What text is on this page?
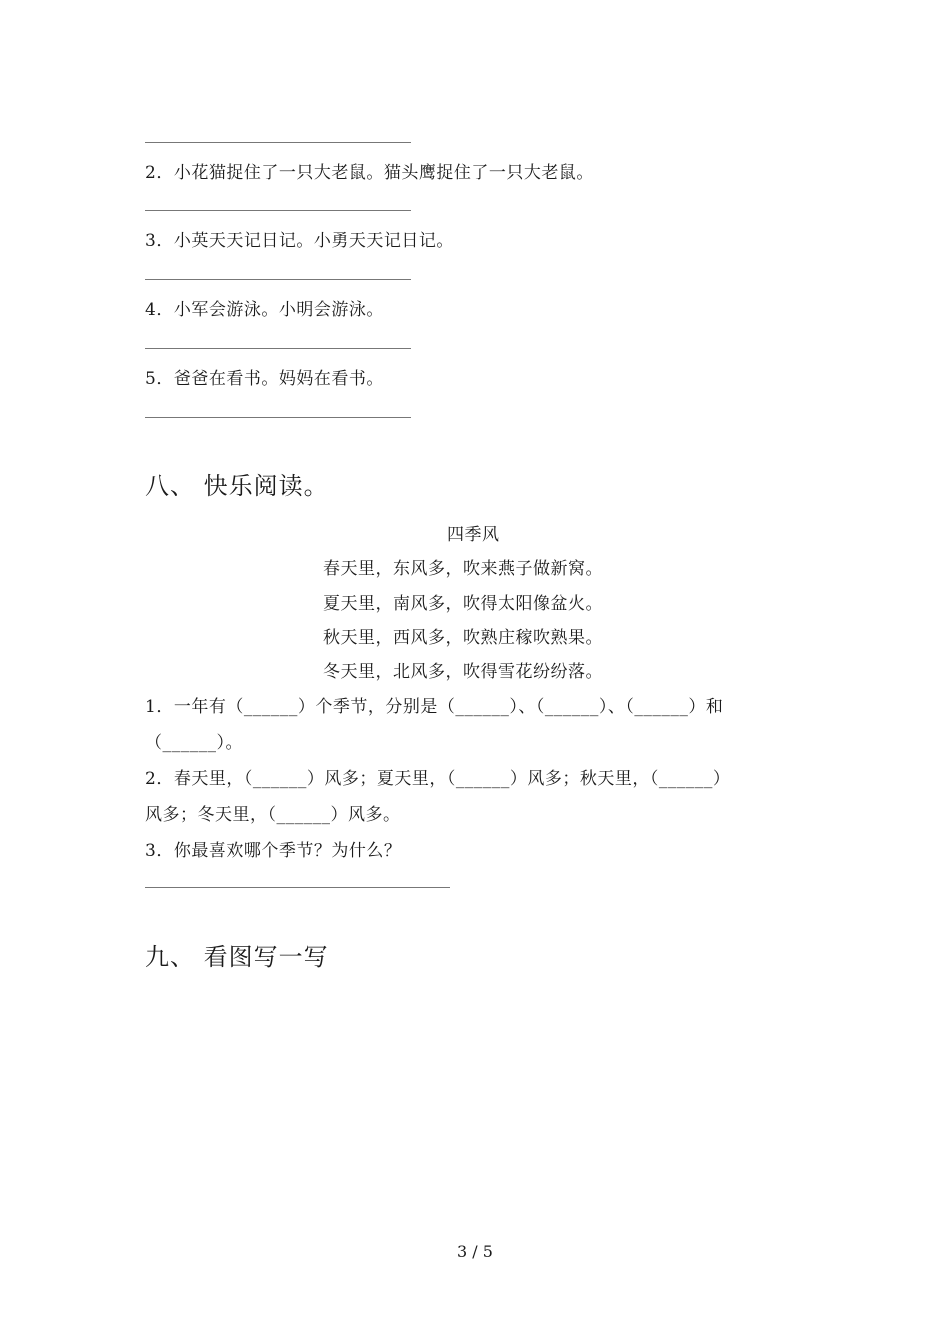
2．小花猫捉住了一只大老鼠。猫头鹰捉住了一只大老鼠。
3．小英天天记日记。小勇天天记日记。
4．小军会游泳。小明会游泳。
5．爸爸在看书。妈妈在看书。
八、 快乐阅读。
四季风
春天里，东风多，吹来燕子做新窝。
夏天里，南风多，吹得太阳像盆火。
秋天里，西风多，吹熟庄稼吹熟果。
冬天里，北风多，吹得雪花纷纷落。
1．一年有（______）个季节，分别是（______）、（______）、（______）和
（______）。
2．春天里，（______）风多；夏天里，（______）风多；秋天里，（______）
风多；冬天里，（______）风多。
3．你最喜欢哪个季节？为什么？
九、 看图写一写
3 / 5
